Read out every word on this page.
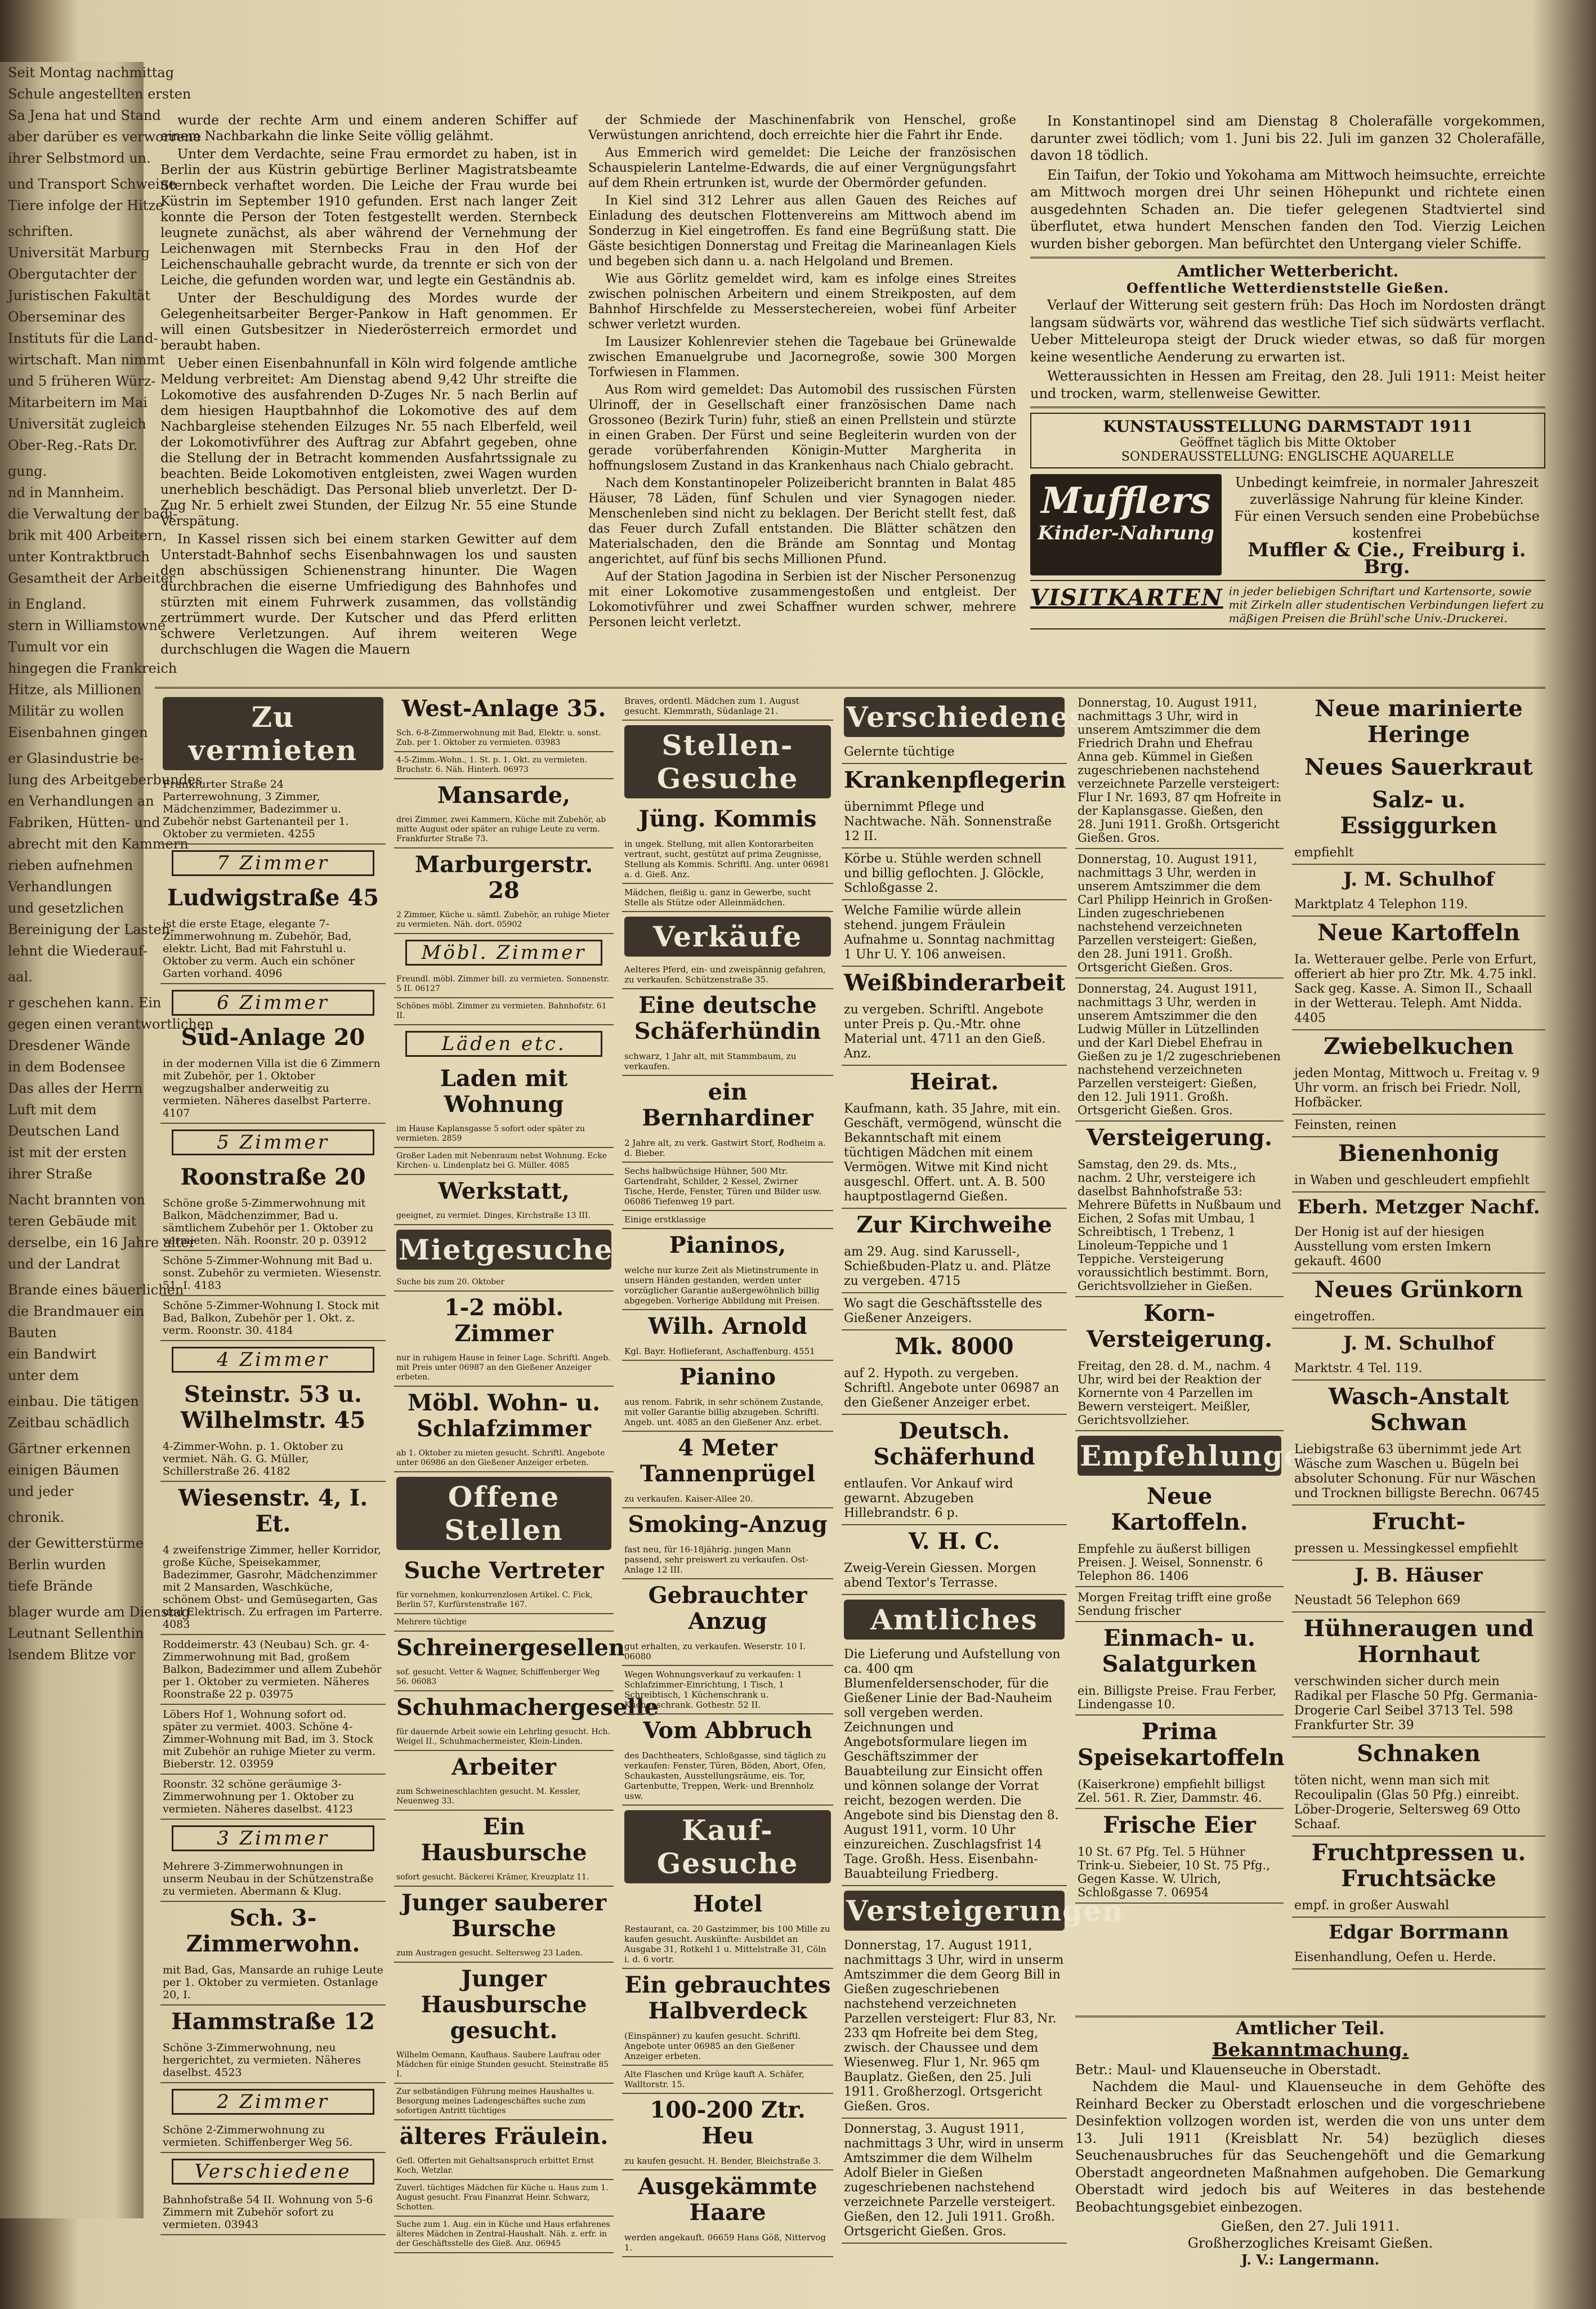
Seit Montag nachmittag
Schule angestellten ersten
Sa Jena hat und Stand
aber darüber es verworrene
ihrer Selbstmord un.
und Transport Schweine
Tiere infolge der Hitze
schriften.
Universität Marburg
Obergutachter der
Juristischen Fakultät
Oberseminar des
Instituts für die Land-
wirtschaft. Man nimmt
und 5 früheren Würz-
Mitarbeitern im Mai
Universität zugleich
Ober-Reg.-Rats Dr.
gung.
nd in Mannheim.
die Verwaltung der badi-
brik mit 400 Arbeitern,
unter Kontraktbruch
Gesamtheit der Arbeiter
in England.
stern in Williamstowne
Tumult vor ein
hingegen die Frankreich
Hitze, als Millionen
Militär zu wollen
Eisenbahnen gingen
er Glasindustrie be-
lung des Arbeitgeberbundes
en Verhandlungen an
Fabriken, Hütten- und
abrecht mit den Kammern
rieben aufnehmen
Verhandlungen
und gesetzlichen
Bereinigung der Lasten-
lehnt die Wiederauf-
aal.
r geschehen kann. Ein
gegen einen verantwortlichen
Dresdener Wände
in dem Bodensee
Das alles der Herrn
Luft mit dem
Deutschen Land
ist mit der ersten
ihrer Straße
Nacht brannten von
teren Gebäude mit
derselbe, ein 16 Jahre alter
und der Landrat
Brande eines bäuerlichen
die Brandmauer ein
Bauten
ein Bandwirt
unter dem
einbau. Die tätigen
Zeitbau schädlich
Gärtner erkennen
einigen Bäumen
und jeder
chronik.
der Gewitterstürme
Berlin wurden
tiefe Brände
blager wurde am Dienstag
Leutnant Sellenthin
lsendem Blitze vor

wurde der rechte Arm und einem anderen Schiffer auf einem Nachbarkahn die linke Seite völlig gelähmt.

Unter dem Verdachte, seine Frau ermordet zu haben, ist in Berlin der aus Küstrin gebürtige Berliner Magistratsbeamte Sternbeck verhaftet worden. Die Leiche der Frau wurde bei Küstrin im September 1910 gefunden. Erst nach langer Zeit konnte die Person der Toten festgestellt werden. Sternbeck leugnete zunächst, als aber während der Vernehmung der Leichenwagen mit Sternbecks Frau in den Hof der Leichenschauhalle gebracht wurde, da trennte er sich von der Leiche, die gefunden worden war, und legte ein Geständnis ab.

Unter der Beschuldigung des Mordes wurde der Gelegenheitsarbeiter Berger-Pankow in Haft genommen. Er will einen Gutsbesitzer in Niederösterreich ermordet und beraubt haben.

Ueber einen Eisenbahnunfall in Köln wird folgende amtliche Meldung verbreitet: Am Dienstag abend 9,42 Uhr streifte die Lokomotive des ausfahrenden D-Zuges Nr. 5 nach Berlin auf dem hiesigen Hauptbahnhof die Lokomotive des auf dem Nachbargleise stehenden Eilzuges Nr. 55 nach Elberfeld, weil der Lokomotivführer des Auftrag zur Abfahrt gegeben, ohne die Stellung der in Betracht kommenden Ausfahrtssignale zu beachten. Beide Lokomotiven entgleisten, zwei Wagen wurden unerheblich beschädigt. Das Personal blieb unverletzt. Der D-Zug Nr. 5 erhielt zwei Stunden, der Eilzug Nr. 55 eine Stunde Verspätung.

In Kassel rissen sich bei einem starken Gewitter auf dem Unterstadt-Bahnhof sechs Eisenbahnwagen los und sausten den abschüssigen Schienenstrang hinunter. Die Wagen durchbrachen die eiserne Umfriedigung des Bahnhofes und stürzten mit einem Fuhrwerk zusammen, das vollständig zertrümmert wurde. Der Kutscher und das Pferd erlitten schwere Verletzungen. Auf ihrem weiteren Wege durchschlugen die Wagen die Mauern

der Schmiede der Maschinenfabrik von Henschel, große Verwüstungen anrichtend, doch erreichte hier die Fahrt ihr Ende.

Aus Emmerich wird gemeldet: Die Leiche der französischen Schauspielerin Lantelme-Edwards, die auf einer Vergnügungsfahrt auf dem Rhein ertrunken ist, wurde der Obermörder gefunden.

In Kiel sind 312 Lehrer aus allen Gauen des Reiches auf Einladung des deutschen Flottenvereins am Mittwoch abend im Sonderzug in Kiel eingetroffen. Es fand eine Begrüßung statt. Die Gäste besichtigen Donnerstag und Freitag die Marineanlagen Kiels und begeben sich dann u. a. nach Helgoland und Bremen.

Wie aus Görlitz gemeldet wird, kam es infolge eines Streites zwischen polnischen Arbeitern und einem Streikposten, auf dem Bahnhof Hirschfelde zu Messerstechereien, wobei fünf Arbeiter schwer verletzt wurden.

Im Lausizer Kohlenrevier stehen die Tagebaue bei Grünewalde zwischen Emanuelgrube und Jacornegroße, sowie 300 Morgen Torfwiesen in Flammen.

Aus Rom wird gemeldet: Das Automobil des russischen Fürsten Ulrinoff, der in Gesellschaft einer französischen Dame nach Grossoneo (Bezirk Turin) fuhr, stieß an einen Prellstein und stürzte in einen Graben. Der Fürst und seine Begleiterin wurden von der gerade vorüberfahrenden Königin-Mutter Margherita in hoffnungslosem Zustand in das Krankenhaus nach Chialo gebracht.

Nach dem Konstantinopeler Polizeibericht brannten in Balat 485 Häuser, 78 Läden, fünf Schulen und vier Synagogen nieder. Menschenleben sind nicht zu beklagen. Der Bericht stellt fest, daß das Feuer durch Zufall entstanden. Die Blätter schätzen den Materialschaden, den die Brände am Sonntag und Montag angerichtet, auf fünf bis sechs Millionen Pfund.

Auf der Station Jagodina in Serbien ist der Nischer Personenzug mit einer Lokomotive zusammengestoßen und entgleist. Der Lokomotivführer und zwei Schaffner wurden schwer, mehrere Personen leicht verletzt.

In Konstantinopel sind am Dienstag 8 Cholerafälle vorgekommen, darunter zwei tödlich; vom 1. Juni bis 22. Juli im ganzen 32 Cholerafälle, davon 18 tödlich.

Ein Taifun, der Tokio und Yokohama am Mittwoch heimsuchte, erreichte am Mittwoch morgen drei Uhr seinen Höhepunkt und richtete einen ausgedehnten Schaden an. Die tiefer gelegenen Stadtviertel sind überflutet, etwa hundert Menschen fanden den Tod. Vierzig Leichen wurden bisher geborgen. Man befürchtet den Untergang vieler Schiffe.

Amtlicher Wetterbericht.
Oeffentliche Wetterdienststelle Gießen.

Verlauf der Witterung seit gestern früh: Das Hoch im Nordosten drängt langsam südwärts vor, während das westliche Tief sich südwärts verflacht. Ueber Mitteleuropa steigt der Druck wieder etwas, so daß für morgen keine wesentliche Aenderung zu erwarten ist.

Wetteraussichten in Hessen am Freitag, den 28. Juli 1911: Meist heiter und trocken, warm, stellenweise Gewitter.

KUNSTAUSSTELLUNG DARMSTADT 1911
Geöffnet täglich bis Mitte Oktober
SONDERAUSSTELLUNG: ENGLISCHE AQUARELLE
Mufflers
Kinder-Nahrung
Unbedingt keimfreie, in normaler Jahreszeit zuverlässige Nahrung für kleine Kinder.
Für einen Versuch senden eine Probebüchse kostenfrei
Muffler & Cie., Freiburg i. Brg.
VISITKARTEN in jeder beliebigen Schriftart und Kartensorte, sowie mit Zirkeln aller studentischen Verbindungen liefert zu mäßigen Preisen die Brühl'sche Univ.-Druckerei.
Zu vermieten
Frankfurter Straße 24 Parterrewohnung, 3 Zimmer, Mädchenzimmer, Badezimmer u. Zubehör nebst Gartenanteil per 1. Oktober zu vermieten. 4255
7 Zimmer
Ludwigstraße 45
ist die erste Etage, elegante 7-Zimmerwohnung m. Zubehör, Bad, elektr. Licht, Bad mit Fahrstuhl u. Oktober zu verm. Auch ein schöner Garten vorhand. 4096
6 Zimmer
Süd-Anlage 20
in der modernen Villa ist die 6 Zimmern mit Zubehör, per 1. Oktober wegzugshalber anderweitig zu vermieten. Näheres daselbst Parterre. 4107
5 Zimmer
Roonstraße 20
Schöne große 5-Zimmerwohnung mit Balkon, Mädchenzimmer, Bad u. sämtlichem Zubehör per 1. Oktober zu vermieten. Näh. Roonstr. 20 p. 03912
Schöne 5-Zimmer-Wohnung mit Bad u. sonst. Zubehör zu vermieten. Wiesenstr. 51, I. 4183
Schöne 5-Zimmer-Wohnung I. Stock mit Bad, Balkon, Zubehör per 1. Okt. z. verm. Roonstr. 30. 4184
4 Zimmer
Steinstr. 53 u. Wilhelmstr. 45
4-Zimmer-Wohn. p. 1. Oktober zu vermiet. Näh. G. G. Müller, Schillerstraße 26. 4182
Wiesenstr. 4, I. Et.
4 zweifenstrige Zimmer, heller Korridor, große Küche, Speisekammer, Badezimmer, Gasrohr, Mädchenzimmer mit 2 Mansarden, Waschküche, schönem Obst- und Gemüsegarten, Gas und Elektrisch. Zu erfragen im Parterre. 4083
Roddeimerstr. 43 (Neubau) Sch. gr. 4-Zimmerwohnung mit Bad, großem Balkon, Badezimmer und allem Zubehör per 1. Oktober zu vermieten. Näheres Roonstraße 22 p. 03975
Löbers Hof 1, Wohnung sofort od. später zu vermiet. 4003. Schöne 4-Zimmer-Wohnung mit Bad, im 3. Stock mit Zubehör an ruhige Mieter zu verm. Bieberstr. 12. 03959
Roonstr. 32 schöne geräumige 3-Zimmerwohnung per 1. Oktober zu vermieten. Näheres daselbst. 4123
3 Zimmer
Mehrere 3-Zimmerwohnungen in unserm Neubau in der Schützenstraße zu vermieten. Abermann & Klug.
Sch. 3-Zimmerwohn.
mit Bad, Gas, Mansarde an ruhige Leute per 1. Oktober zu vermieten. Ostanlage 20, I.
Hammstraße 12
Schöne 3-Zimmerwohnung, neu hergerichtet, zu vermieten. Näheres daselbst. 4523
2 Zimmer
Schöne 2-Zimmerwohnung zu vermieten. Schiffenberger Weg 56.
Verschiedene
Bahnhofstraße 54 II. Wohnung von 5-6 Zimmern mit Zubehör sofort zu vermieten. 03943
West-Anlage 35.
Sch. 6-8-Zimmerwohnung mit Bad, Elektr. u. sonst. Zub. per 1. Oktober zu vermieten. 03983
4-5-Zimm.-Wohn., 1. St. p. 1. Okt. zu vermieten. Bruchstr. 6. Näh. Hinterh. 06973
Mansarde,
drei Zimmer, zwei Kammern, Küche mit Zubehör, ab mitte August oder später an ruhige Leute zu verm. Frankfurter Straße 73.
Marburgerstr. 28
2 Zimmer, Küche u. sämtl. Zubehör, an ruhige Mieter zu vermieten. Näh. dort. 05902
Möbl. Zimmer
Freundl. möbl. Zimmer bill. zu vermieten. Sonnenstr. 5 II. 06127
Schönes möbl. Zimmer zu vermieten. Bahnhofstr. 61 II.
Läden etc.
Laden mit Wohnung
im Hause Kaplansgasse 5 sofort oder später zu vermieten. 2859
Großer Laden mit Nebenraum nebst Wohnung. Ecke Kirchen- u. Lindenplatz bei G. Müller. 4085
Werkstatt,
geeignet, zu vermiet. Dinges, Kirchstraße 13 III.
Mietgesuche
Suche bis zum 20. Oktober
1-2 möbl. Zimmer
nur in ruhigem Hause in feiner Lage. Schriftl. Angeb. mit Preis unter 06987 an den Gießener Anzeiger erbeten.
Möbl. Wohn- u. Schlafzimmer
ab 1. Oktober zu mieten gesucht. Schriftl. Angebote unter 06986 an den Gießener Anzeiger erbeten.
Offene Stellen
Suche Vertreter
für vornehmen, konkurrenzlosen Artikel. C. Fick, Berlin 57, Kurfürstenstraße 167.
Mehrere tüchtige
Schreinergesellen
sof. gesucht. Vetter & Wagner, Schiffenberger Weg 56. 06083
Schuhmachergeselle
für dauernde Arbeit sowie ein Lehrling gesucht. Hch. Weigel II., Schuhmachermeister, Klein-Linden.
Arbeiter
zum Schweineschlachten gesucht. M. Kessler, Neuenweg 33.
Ein Hausbursche
sofort gesucht. Bäckerei Krämer, Kreuzplatz 11.
Junger sauberer Bursche
zum Austragen gesucht. Seltersweg 23 Laden.
Junger Hausbursche gesucht.
Wilhelm Oemann, Kaufhaus. Saubere Laufrau oder Mädchen für einige Stunden gesucht. Steinstraße 85 I.
Zur selbständigen Führung meines Haushaltes u. Besorgung meines Ladengeschäftes suche zum sofortigen Antritt tüchtiges
älteres Fräulein.
Gefl. Offerten mit Gehaltsanspruch erbittet Ernst Koch, Wetzlar.
Zuverl. tüchtiges Mädchen für Küche u. Haus zum 1. August gesucht. Frau Finanzrat Heinr. Schwarz, Schotten.
Suche zum 1. Aug. ein in Küche und Haus erfahrenes älteres Mädchen in Zentral-Haushalt. Näh. z. erfr. in der Geschäftsstelle des Gieß. Anz. 06945
Braves, ordentl. Mädchen zum 1. August gesucht. Klemmrath, Südanlage 21.
Stellen-Gesuche
Jüng. Kommis
in ungek. Stellung, mit allen Kontorarbeiten vertraut, sucht, gestützt auf prima Zeugnisse, Stellung als Kommis. Schriftl. Ang. unter 06981 a. d. Gieß. Anz.
Mädchen, fleißig u. ganz in Gewerbe, sucht Stelle als Stütze oder Alleinmädchen.
Verkäufe
Aelteres Pferd, ein- und zweispännig gefahren, zu verkaufen. Schützenstraße 35.
Eine deutsche Schäferhündin
schwarz, 1 Jahr alt, mit Stammbaum, zu verkaufen.
ein Bernhardiner
2 Jahre alt, zu verk. Gastwirt Storf, Rodheim a. d. Bieber.
Sechs halbwüchsige Hühner, 500 Mtr. Gartendraht, Schilder, 2 Kessel, Zwirner Tische, Herde, Fenster, Türen und Bilder usw. 06086 Tiefenweg 19 part.
Einige erstklassige
Pianinos,
welche nur kurze Zeit als Mietinstrumente in unsern Händen gestanden, werden unter vorzüglicher Garantie außergewöhnlich billig abgegeben. Vorherige Abbildung mit Preisen.
Wilh. Arnold
Kgl. Bayr. Hoflieferant, Aschaffenburg. 4551
Pianino
aus renom. Fabrik, in sehr schönem Zustande, mit voller Garantie billig abzugeben. Schriftl. Angeb. unt. 4085 an den Gießener Anz. erbet.
4 Meter Tannenprügel
zu verkaufen. Kaiser-Allee 20.
Smoking-Anzug
fast neu, für 16-18jährig. jungen Mann passend, sehr preiswert zu verkaufen. Ost-Anlage 12 III.
Gebrauchter Anzug
gut erhalten, zu verkaufen. Weserstr. 10 I. 06080
Wegen Wohnungsverkauf zu verkaufen: 1 Schlafzimmer-Einrichtung, 1 Tisch, 1 Schreibtisch, 1 Küchenschrank u. Küchenschrank. Gothestr. 52 II.
Vom Abbruch
des Dachtheaters, Schloßgasse, sind täglich zu verkaufen: Fenster, Türen, Böden, Abort, Ofen, Schaukasten, Ausstellungsräume, eis. Tor, Gartenbutte, Treppen, Werk- und Brennholz usw.
Kauf-Gesuche
Hotel
Restaurant, ca. 20 Gastzimmer, bis 100 Mille zu kaufen gesucht. Auskünfte: Ausbildet an Ausgabe 31, Rotkehl 1 u. Mittelstraße 31, Cöln i. d. 6 vortr.
Ein gebrauchtes Halbverdeck
(Einspänner) zu kaufen gesucht. Schriftl. Angebote unter 06985 an den Gießener Anzeiger erbeten.
Alte Flaschen und Krüge kauft A. Schäfer, Walltorstr. 15.
100-200 Ztr. Heu
zu kaufen gesucht. H. Bender, Bleichstraße 3.
Ausgekämmte Haare
werden angekauft. 06659 Hans Göß, Nittervog 1.
Verschiedenes
Gelernte tüchtige
Krankenpflegerin
übernimmt Pflege und Nachtwache. Näh. Sonnenstraße 12 II.
Körbe u. Stühle werden schnell und billig geflochten. J. Glöckle, Schloßgasse 2.
Welche Familie würde allein stehend. jungem Fräulein Aufnahme u. Sonntag nachmittag 1 Uhr U. Y. 106 anweisen.
Weißbinderarbeit
zu vergeben. Schriftl. Angebote unter Preis p. Qu.-Mtr. ohne Material unt. 4711 an den Gieß. Anz.
Heirat.
Kaufmann, kath. 35 Jahre, mit ein. Geschäft, vermögend, wünscht die Bekanntschaft mit einem tüchtigen Mädchen mit einem Vermögen. Witwe mit Kind nicht ausgeschl. Offert. unt. A. B. 500 hauptpostlagernd Gießen.
Zur Kirchweihe
am 29. Aug. sind Karussell-, Schießbuden-Platz u. and. Plätze zu vergeben. 4715
Wo sagt die Geschäftsstelle des Gießener Anzeigers.
Mk. 8000
auf 2. Hypoth. zu vergeben. Schriftl. Angebote unter 06987 an den Gießener Anzeiger erbet.
Deutsch. Schäferhund
entlaufen. Vor Ankauf wird gewarnt. Abzugeben Hillebrandstr. 6 p.
V. H. C.
Zweig-Verein Giessen. Morgen abend Textor's Terrasse.
Amtliches
Die Lieferung und Aufstellung von ca. 400 qm Blumenfeldersenschoder, für die Gießener Linie der Bad-Nauheim soll vergeben werden. Zeichnungen und Angebotsformulare liegen im Geschäftszimmer der Bauabteilung zur Einsicht offen und können solange der Vorrat reicht, bezogen werden. Die Angebote sind bis Dienstag den 8. August 1911, vorm. 10 Uhr einzureichen. Zuschlagsfrist 14 Tage. Großh. Hess. Eisenbahn-Bauabteilung Friedberg.
Versteigerungen
Donnerstag, 17. August 1911, nachmittags 3 Uhr, wird in unserm Amtszimmer die dem Georg Bill in Gießen zugeschriebenen nachstehend verzeichneten Parzellen versteigert: Flur 83, Nr. 233 qm Hofreite bei dem Steg, zwisch. der Chaussee und dem Wiesenweg. Flur 1, Nr. 965 qm Bauplatz. Gießen, den 25. Juli 1911. Großherzogl. Ortsgericht Gießen. Gros.
Donnerstag, 3. August 1911, nachmittags 3 Uhr, wird in unserm Amtszimmer die dem Wilhelm Adolf Bieler in Gießen zugeschriebenen nachstehend verzeichnete Parzelle versteigert. Gießen, den 12. Juli 1911. Großh. Ortsgericht Gießen. Gros.
Donnerstag, 10. August 1911, nachmittags 3 Uhr, wird in unserem Amtszimmer die dem Friedrich Drahn und Ehefrau Anna geb. Kümmel in Gießen zugeschriebenen nachstehend verzeichnete Parzelle versteigert: Flur I Nr. 1693, 87 qm Hofreite in der Kaplansgasse. Gießen, den 28. Juni 1911. Großh. Ortsgericht Gießen. Gros.
Donnerstag, 10. August 1911, nachmittags 3 Uhr, werden in unserem Amtszimmer die dem Carl Philipp Heinrich in Großen-Linden zugeschriebenen nachstehend verzeichneten Parzellen versteigert: Gießen, den 28. Juni 1911. Großh. Ortsgericht Gießen. Gros.
Donnerstag, 24. August 1911, nachmittags 3 Uhr, werden in unserem Amtszimmer die den Ludwig Müller in Lützellinden und der Karl Diebel Ehefrau in Gießen zu je 1/2 zugeschriebenen nachstehend verzeichneten Parzellen versteigert: Gießen, den 12. Juli 1911. Großh. Ortsgericht Gießen. Gros.
Versteigerung.
Samstag, den 29. ds. Mts., nachm. 2 Uhr, versteigere ich daselbst Bahnhofstraße 53: Mehrere Büfetts in Nußbaum und Eichen, 2 Sofas mit Umbau, 1 Schreibtisch, 1 Trebenz, 1 Linoleum-Teppiche und 1 Teppiche. Versteigerung voraussichtlich bestimmt. Born, Gerichtsvollzieher in Gießen.
Korn-Versteigerung.
Freitag, den 28. d. M., nachm. 4 Uhr, wird bei der Reaktion der Kornernte von 4 Parzellen im Bewern versteigert. Meißler, Gerichtsvollzieher.
Empfehlungen
Neue Kartoffeln.
Empfehle zu äußerst billigen Preisen. J. Weisel, Sonnenstr. 6 Telephon 86. 1406
Morgen Freitag trifft eine große Sendung frischer
Einmach- u. Salatgurken
ein. Billigste Preise. Frau Ferber, Lindengasse 10.
Prima Speisekartoffeln
(Kaiserkrone) empfiehlt billigst Zel. 561. R. Zier, Dammstr. 46.
Frische Eier
10 St. 67 Pfg. Tel. 5 Hühner Trink-u. Siebeier, 10 St. 75 Pfg., Gegen Kasse. W. Ulrich, Schloßgasse 7. 06954
Neue marinierte Heringe
Neues Sauerkraut
Salz- u. Essiggurken
empfiehlt
J. M. Schulhof
Marktplatz 4 Telephon 119.
Neue Kartoffeln
Ia. Wetterauer gelbe. Perle von Erfurt, offeriert ab hier pro Ztr. Mk. 4.75 inkl. Sack geg. Kasse. A. Simon II., Schaall in der Wetterau. Teleph. Amt Nidda. 4405
Zwiebelkuchen
jeden Montag, Mittwoch u. Freitag v. 9 Uhr vorm. an frisch bei Friedr. Noll, Hofbäcker.
Feinsten, reinen
Bienenhonig
in Waben und geschleudert empfiehlt
Eberh. Metzger Nachf.
Der Honig ist auf der hiesigen Ausstellung vom ersten Imkern gekauft. 4600
Neues Grünkorn
eingetroffen.
J. M. Schulhof
Marktstr. 4 Tel. 119.
Wasch-Anstalt Schwan
Liebigstraße 63 übernimmt jede Art Wäsche zum Waschen u. Bügeln bei absoluter Schonung. Für nur Wäschen und Trocknen billigste Berechn. 06745
Frucht-
pressen u. Messingkessel empfiehlt
J. B. Häuser
Neustadt 56 Telephon 669
Hühneraugen und Hornhaut
verschwinden sicher durch mein Radikal per Flasche 50 Pfg. Germania-Drogerie Carl Seibel 3713 Tel. 598 Frankfurter Str. 39
Schnaken
töten nicht, wenn man sich mit Recoulipalin (Glas 50 Pfg.) einreibt. Löber-Drogerie, Seltersweg 69 Otto Schaaf.
Fruchtpressen u. Fruchtsäcke
empf. in großer Auswahl
Edgar Borrmann
Eisenhandlung, Oefen u. Herde.
Amtlicher Teil.
Bekanntmachung.
Betr.: Maul- und Klauenseuche in Oberstadt.

Nachdem die Maul- und Klauenseuche in dem Gehöfte des Reinhard Becker zu Oberstadt erloschen und die vorgeschriebene Desinfektion vollzogen worden ist, werden die von uns unter dem 13. Juli 1911 (Kreisblatt Nr. 54) bezüglich dieses Seuchenausbruches für das Seuchengehöft und die Gemarkung Oberstadt angeordneten Maßnahmen aufgehoben. Die Gemarkung Oberstadt wird jedoch bis auf Weiteres in das bestehende Beobachtungsgebiet einbezogen.

Gießen, den 27. Juli 1911.
Großherzogliches Kreisamt Gießen.
J. V.: Langermann.
